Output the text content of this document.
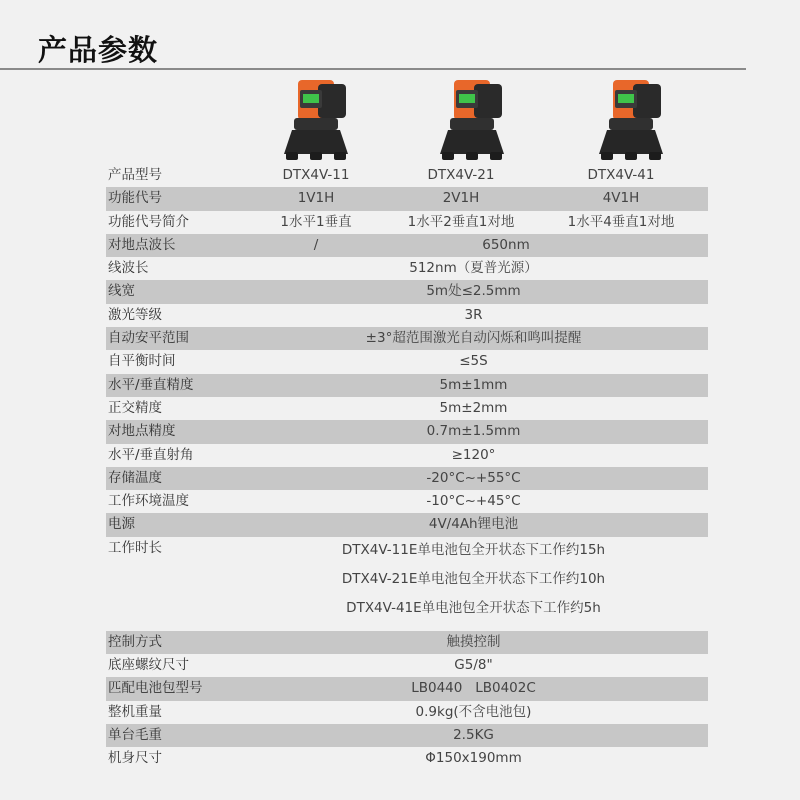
产品参数
产品型号	DTX4V-11	DTX4V-21	DTX4V-41
功能代号	1V1H	2V1H	4V1H
功能代号简介	1水平1垂直	1水平2垂直1对地	1水平4垂直1对地
对地点波长	/	650nm
线波长	512nm（夏普光源）
线宽	5m处≤2.5mm
激光等级	3R
自动安平范围	±3°超范围激光自动闪烁和鸣叫提醒
自平衡时间	≤5S
水平/垂直精度	5m±1mm
正交精度	5m±2mm
对地点精度	0.7m±1.5mm
水平/垂直射角	≥120°
存储温度	-20°C~+55°C
工作环境温度	-10°C~+45°C
电源	4V/4Ah锂电池
工作时长	DTX4V-11E单电池包全开状态下工作约15h
DTX4V-21E单电池包全开状态下工作约10h
DTX4V-41E单电池包全开状态下工作约5h
控制方式	触摸控制
底座螺纹尺寸	G5/8"
匹配电池包型号	LB0440   LB0402C
整机重量	0.9kg(不含电池包)
单台毛重	2.5KG
机身尺寸	Φ150x190mm
